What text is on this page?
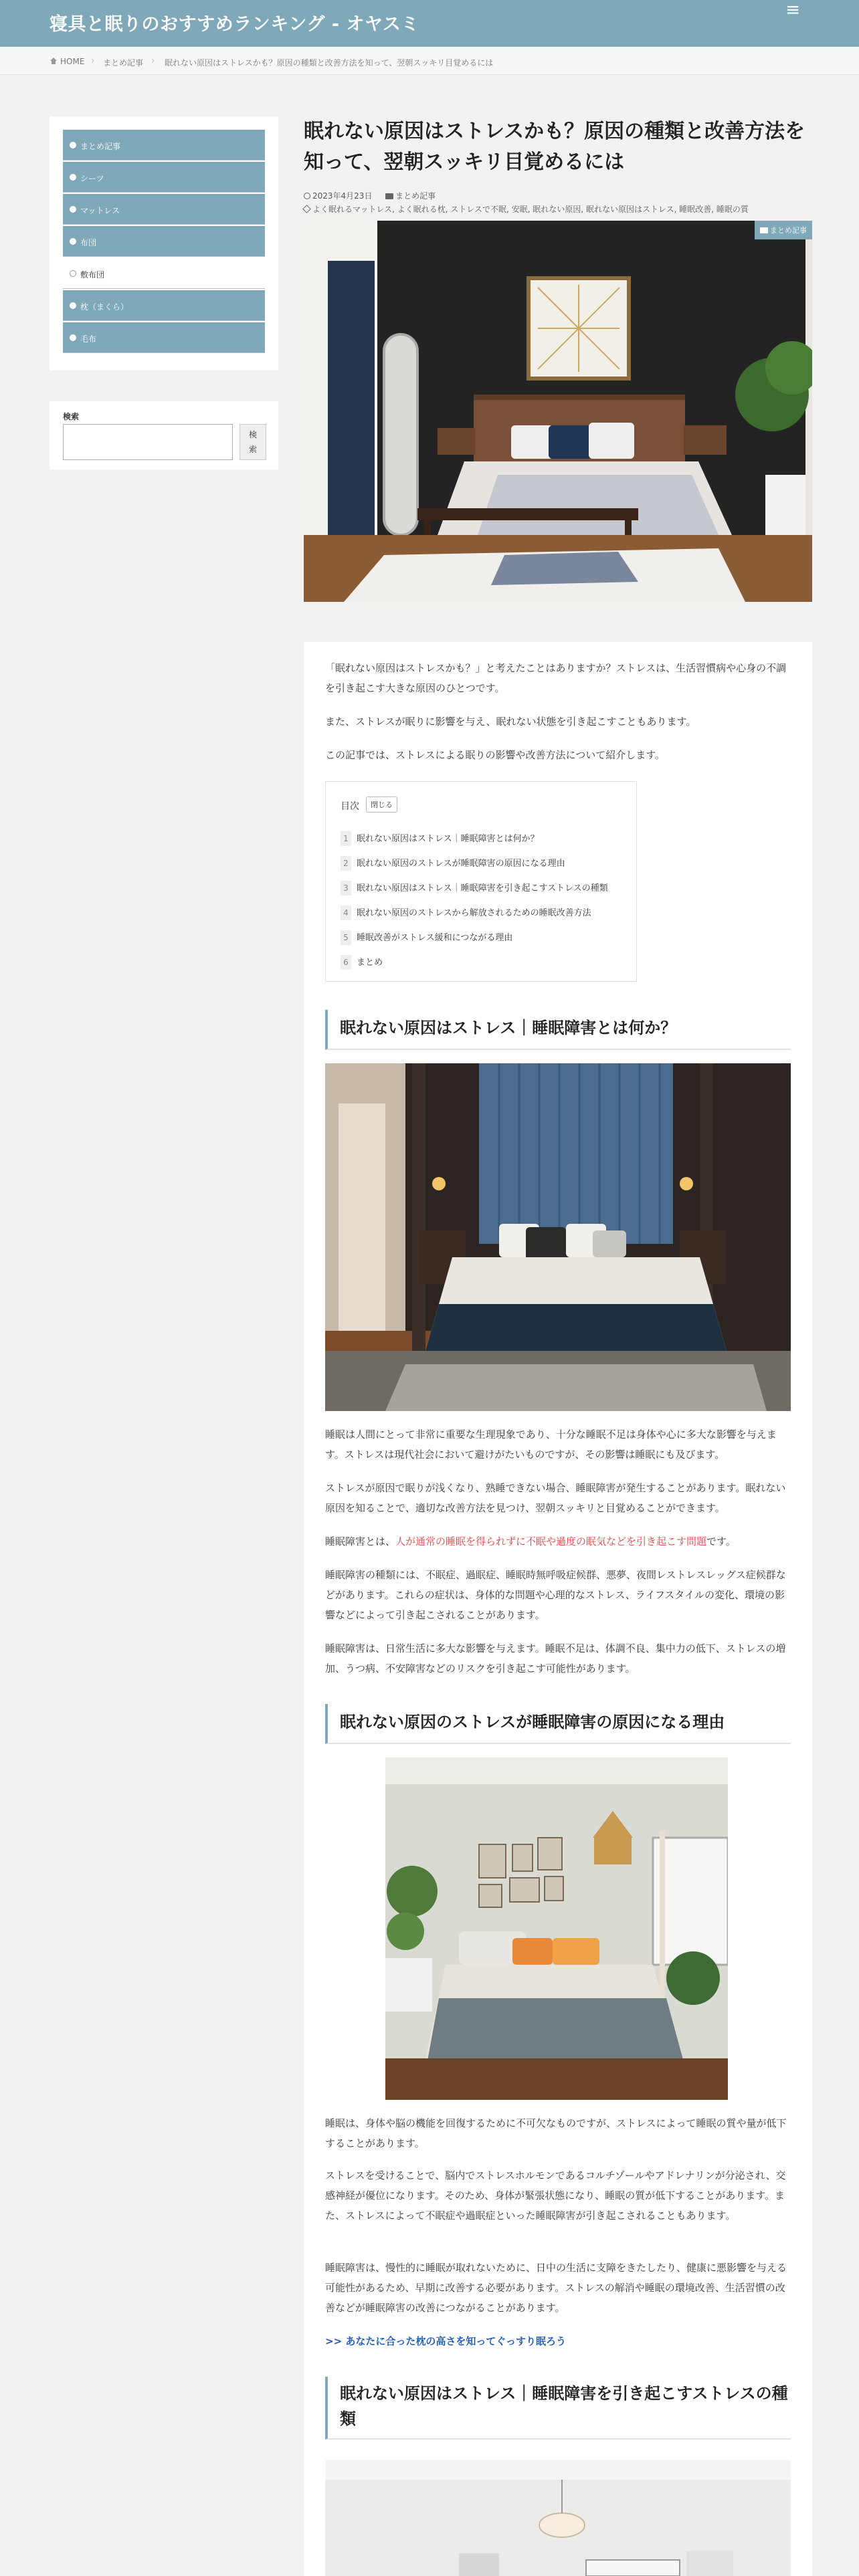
寝具と眠りのおすすめランキング - オヤスミ
≡
HOME › まとめ記事 › 眠れない原因はストレスかも？原因の種類と改善方法を知って、翌朝スッキリ目覚めるには
まとめ記事
シーツ
マットレス
布団
敷布団
枕（まくら）
毛布
検索
検索
眠れない原因はストレスかも？原因の種類と改善方法を知って、翌朝スッキリ目覚めるには
2023年4月23日	まとめ記事
よく眠れるマットレス, よく眠れる枕, ストレスで不眠, 安眠, 眠れない原因, 眠れない原因はストレス, 睡眠改善, 睡眠の質
まとめ記事

「眠れない原因はストレスかも？」と考えたことはありますか？ストレスは、生活習慣病や心身の不調を引き起こす大きな原因のひとつです。

また、ストレスが眠りに影響を与え、眠れない状態を引き起こすこともあります。

この記事では、ストレスによる眠りの影響や改善方法について紹介します。

目次	閉じる
1 眠れない原因はストレス｜睡眠障害とは何か？
2 眠れない原因のストレスが睡眠障害の原因になる理由
3 眠れない原因はストレス｜睡眠障害を引き起こすストレスの種類
4 眠れない原因のストレスから解放されるための睡眠改善方法
5 睡眠改善がストレス緩和につながる理由
6 まとめ
眠れない原因はストレス｜睡眠障害とは何か？

睡眠は人間にとって非常に重要な生理現象であり、十分な睡眠不足は身体や心に多大な影響を与えます。ストレスは現代社会において避けがたいものですが、その影響は睡眠にも及びます。

ストレスが原因で眠りが浅くなり、熟睡できない場合、睡眠障害が発生することがあります。眠れない原因を知ることで、適切な改善方法を見つけ、翌朝スッキリと目覚めることができます。

睡眠障害とは、人が通常の睡眠を得られずに不眠や過度の眠気などを引き起こす問題です。

睡眠障害の種類には、不眠症、過眠症、睡眠時無呼吸症候群、悪夢、夜間レストレスレッグス症候群などがあります。これらの症状は、身体的な問題や心理的なストレス、ライフスタイルの変化、環境の影響などによって引き起こされることがあります。

睡眠障害は、日常生活に多大な影響を与えます。睡眠不足は、体調不良、集中力の低下、ストレスの増加、うつ病、不安障害などのリスクを引き起こす可能性があります。

眠れない原因のストレスが睡眠障害の原因になる理由

睡眠は、身体や脳の機能を回復するために不可欠なものですが、ストレスによって睡眠の質や量が低下することがあります。

ストレスを受けることで、脳内でストレスホルモンであるコルチゾールやアドレナリンが分泌され、交感神経が優位になります。そのため、身体が緊張状態になり、睡眠の質が低下することがあります。また、ストレスによって不眠症や過眠症といった睡眠障害が引き起こされることもあります。

睡眠障害は、慢性的に睡眠が取れないために、日中の生活に支障をきたしたり、健康に悪影響を与える可能性があるため、早期に改善する必要があります。ストレスの解消や睡眠の環境改善、生活習慣の改善などが睡眠障害の改善につながることがあります。

>> あなたに合った枕の高さを知ってぐっすり眠ろう
眠れない原因はストレス｜睡眠障害を引き起こすストレスの種類
